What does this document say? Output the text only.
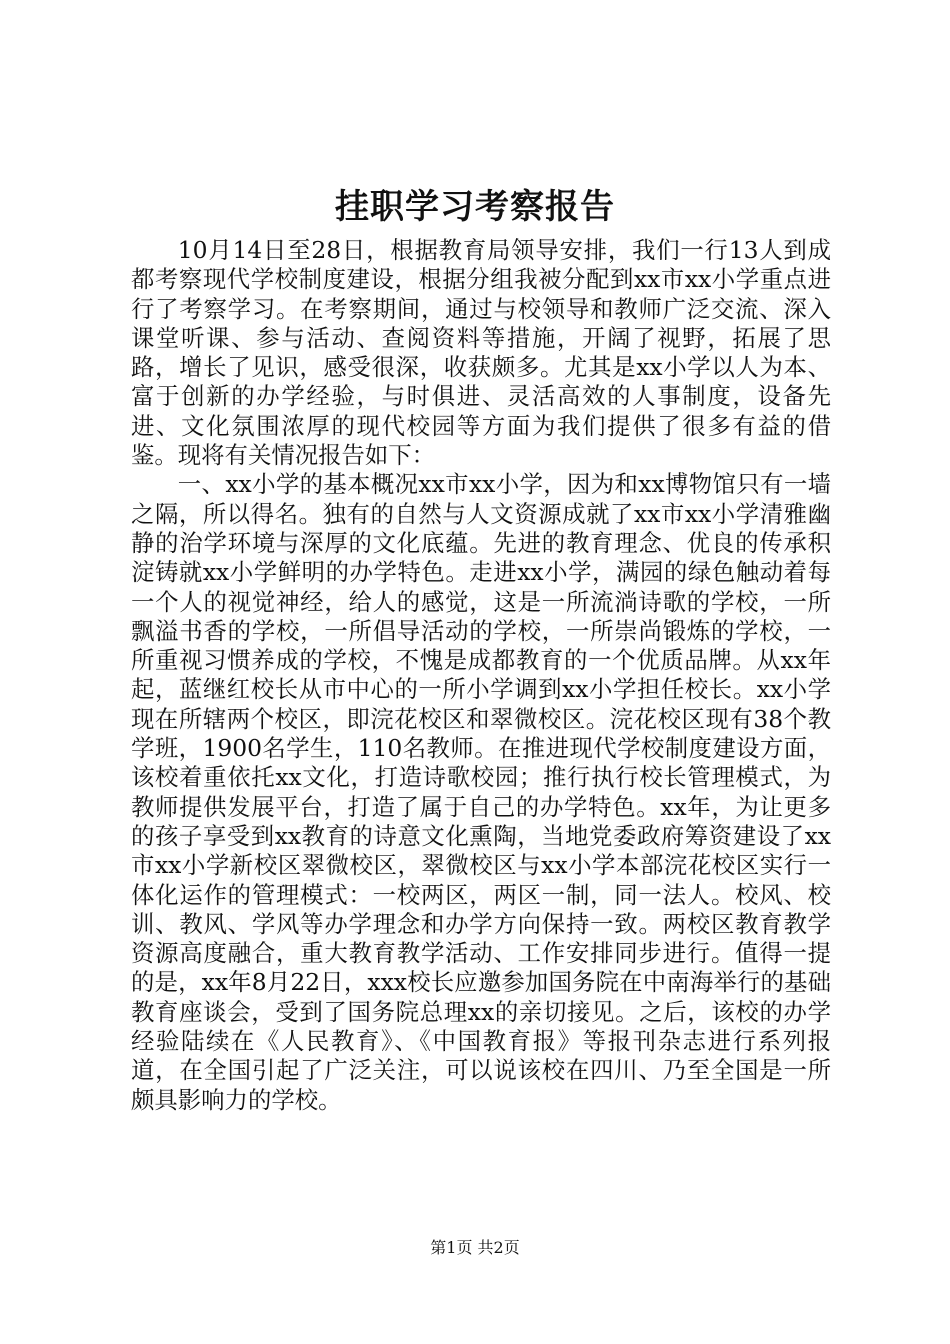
挂职学习考察报告

10月14日至28日，根据教育局领导安排，我们一行13人到成都考察现代学校制度建设，根据分组我被分配到xx市xx小学重点进行了考察学习。在考察期间，通过与校领导和教师广泛交流、深入课堂听课、参与活动、查阅资料等措施，开阔了视野，拓展了思路，增长了见识，感受很深，收获颇多。尤其是xx小学以人为本、富于创新的办学经验，与时俱进、灵活高效的人事制度，设备先进、文化氛围浓厚的现代校园等方面为我们提供了很多有益的借鉴。现将有关情况报告如下：

一、xx小学的基本概况xx市xx小学，因为和xx博物馆只有一墙之隔，所以得名。独有的自然与人文资源成就了xx市xx小学清雅幽静的治学环境与深厚的文化底蕴。先进的教育理念、优良的传承积淀铸就xx小学鲜明的办学特色。走进xx小学，满园的绿色触动着每一个人的视觉神经，给人的感觉，这是一所流淌诗歌的学校，一所飘溢书香的学校，一所倡导活动的学校，一所崇尚锻炼的学校，一所重视习惯养成的学校，不愧是成都教育的一个优质品牌。从xx年起，蓝继红校长从市中心的一所小学调到xx小学担任校长。xx小学现在所辖两个校区，即浣花校区和翠微校区。浣花校区现有38个教学班，1900名学生，110名教师。在推进现代学校制度建设方面，该校着重依托xx文化，打造诗歌校园；推行执行校长管理模式，为教师提供发展平台，打造了属于自己的办学特色。xx年，为让更多的孩子享受到xx教育的诗意文化熏陶，当地党委政府筹资建设了xx市xx小学新校区翠微校区，翠微校区与xx小学本部浣花校区实行一体化运作的管理模式：一校两区，两区一制，同一法人。校风、校训、教风、学风等办学理念和办学方向保持一致。两校区教育教学资源高度融合，重大教育教学活动、工作安排同步进行。值得一提的是，xx年8月22日，xxx校长应邀参加国务院在中南海举行的基础教育座谈会，受到了国务院总理xx的亲切接见。之后，该校的办学经验陆续在《人民教育》、《中国教育报》等报刊杂志进行系列报道，在全国引起了广泛关注，可以说该校在四川、乃至全国是一所颇具影响力的学校。

第1页 共2页
